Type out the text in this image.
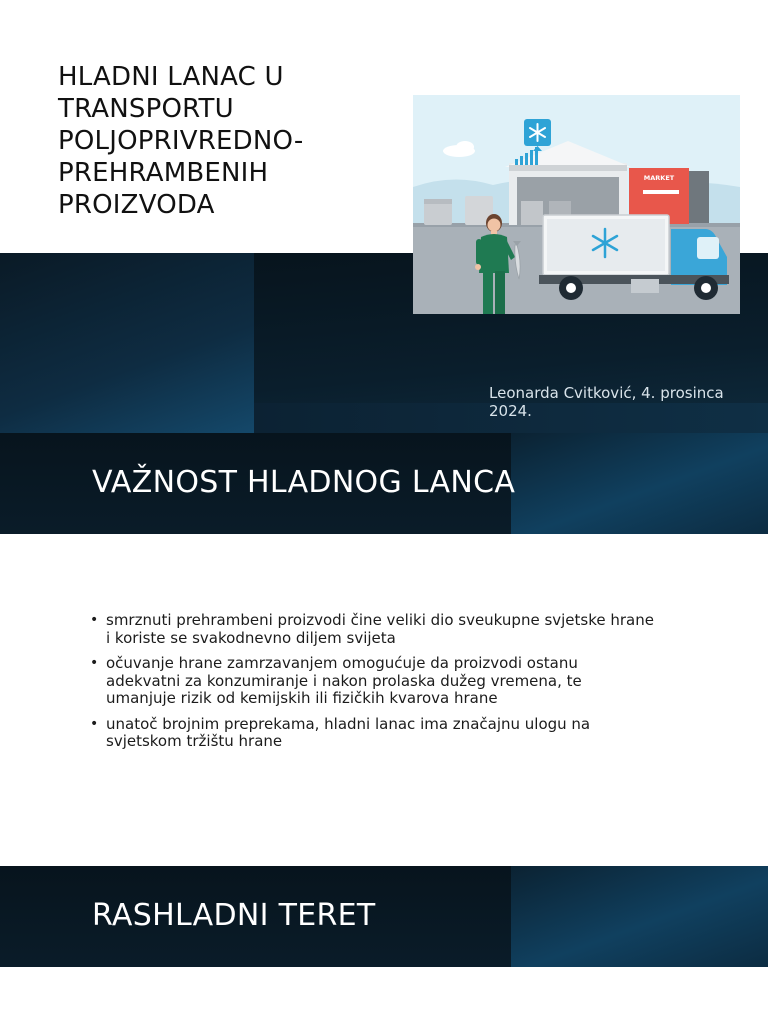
HLADNI LANAC U
TRANSPORTU
POLJOPRIVREDNO-
PREHRAMBENIH
PROIZVODA
MARKET
Leonarda Cvitković, 4. prosinca
2024.
VAŽNOST HLADNOG LANCA
• smrznuti prehrambeni proizvodi čine veliki dio sveukupne svjetske hrane
i koriste se svakodnevno diljem svijeta
• očuvanje hrane zamrzavanjem omogućuje da proizvodi ostanu
adekvatni za konzumiranje i nakon prolaska dužeg vremena, te
umanjuje rizik od kemijskih ili fizičkih kvarova hrane
• unatoč brojnim preprekama, hladni lanac ima značajnu ulogu na
svjetskom tržištu hrane
RASHLADNI TERET
